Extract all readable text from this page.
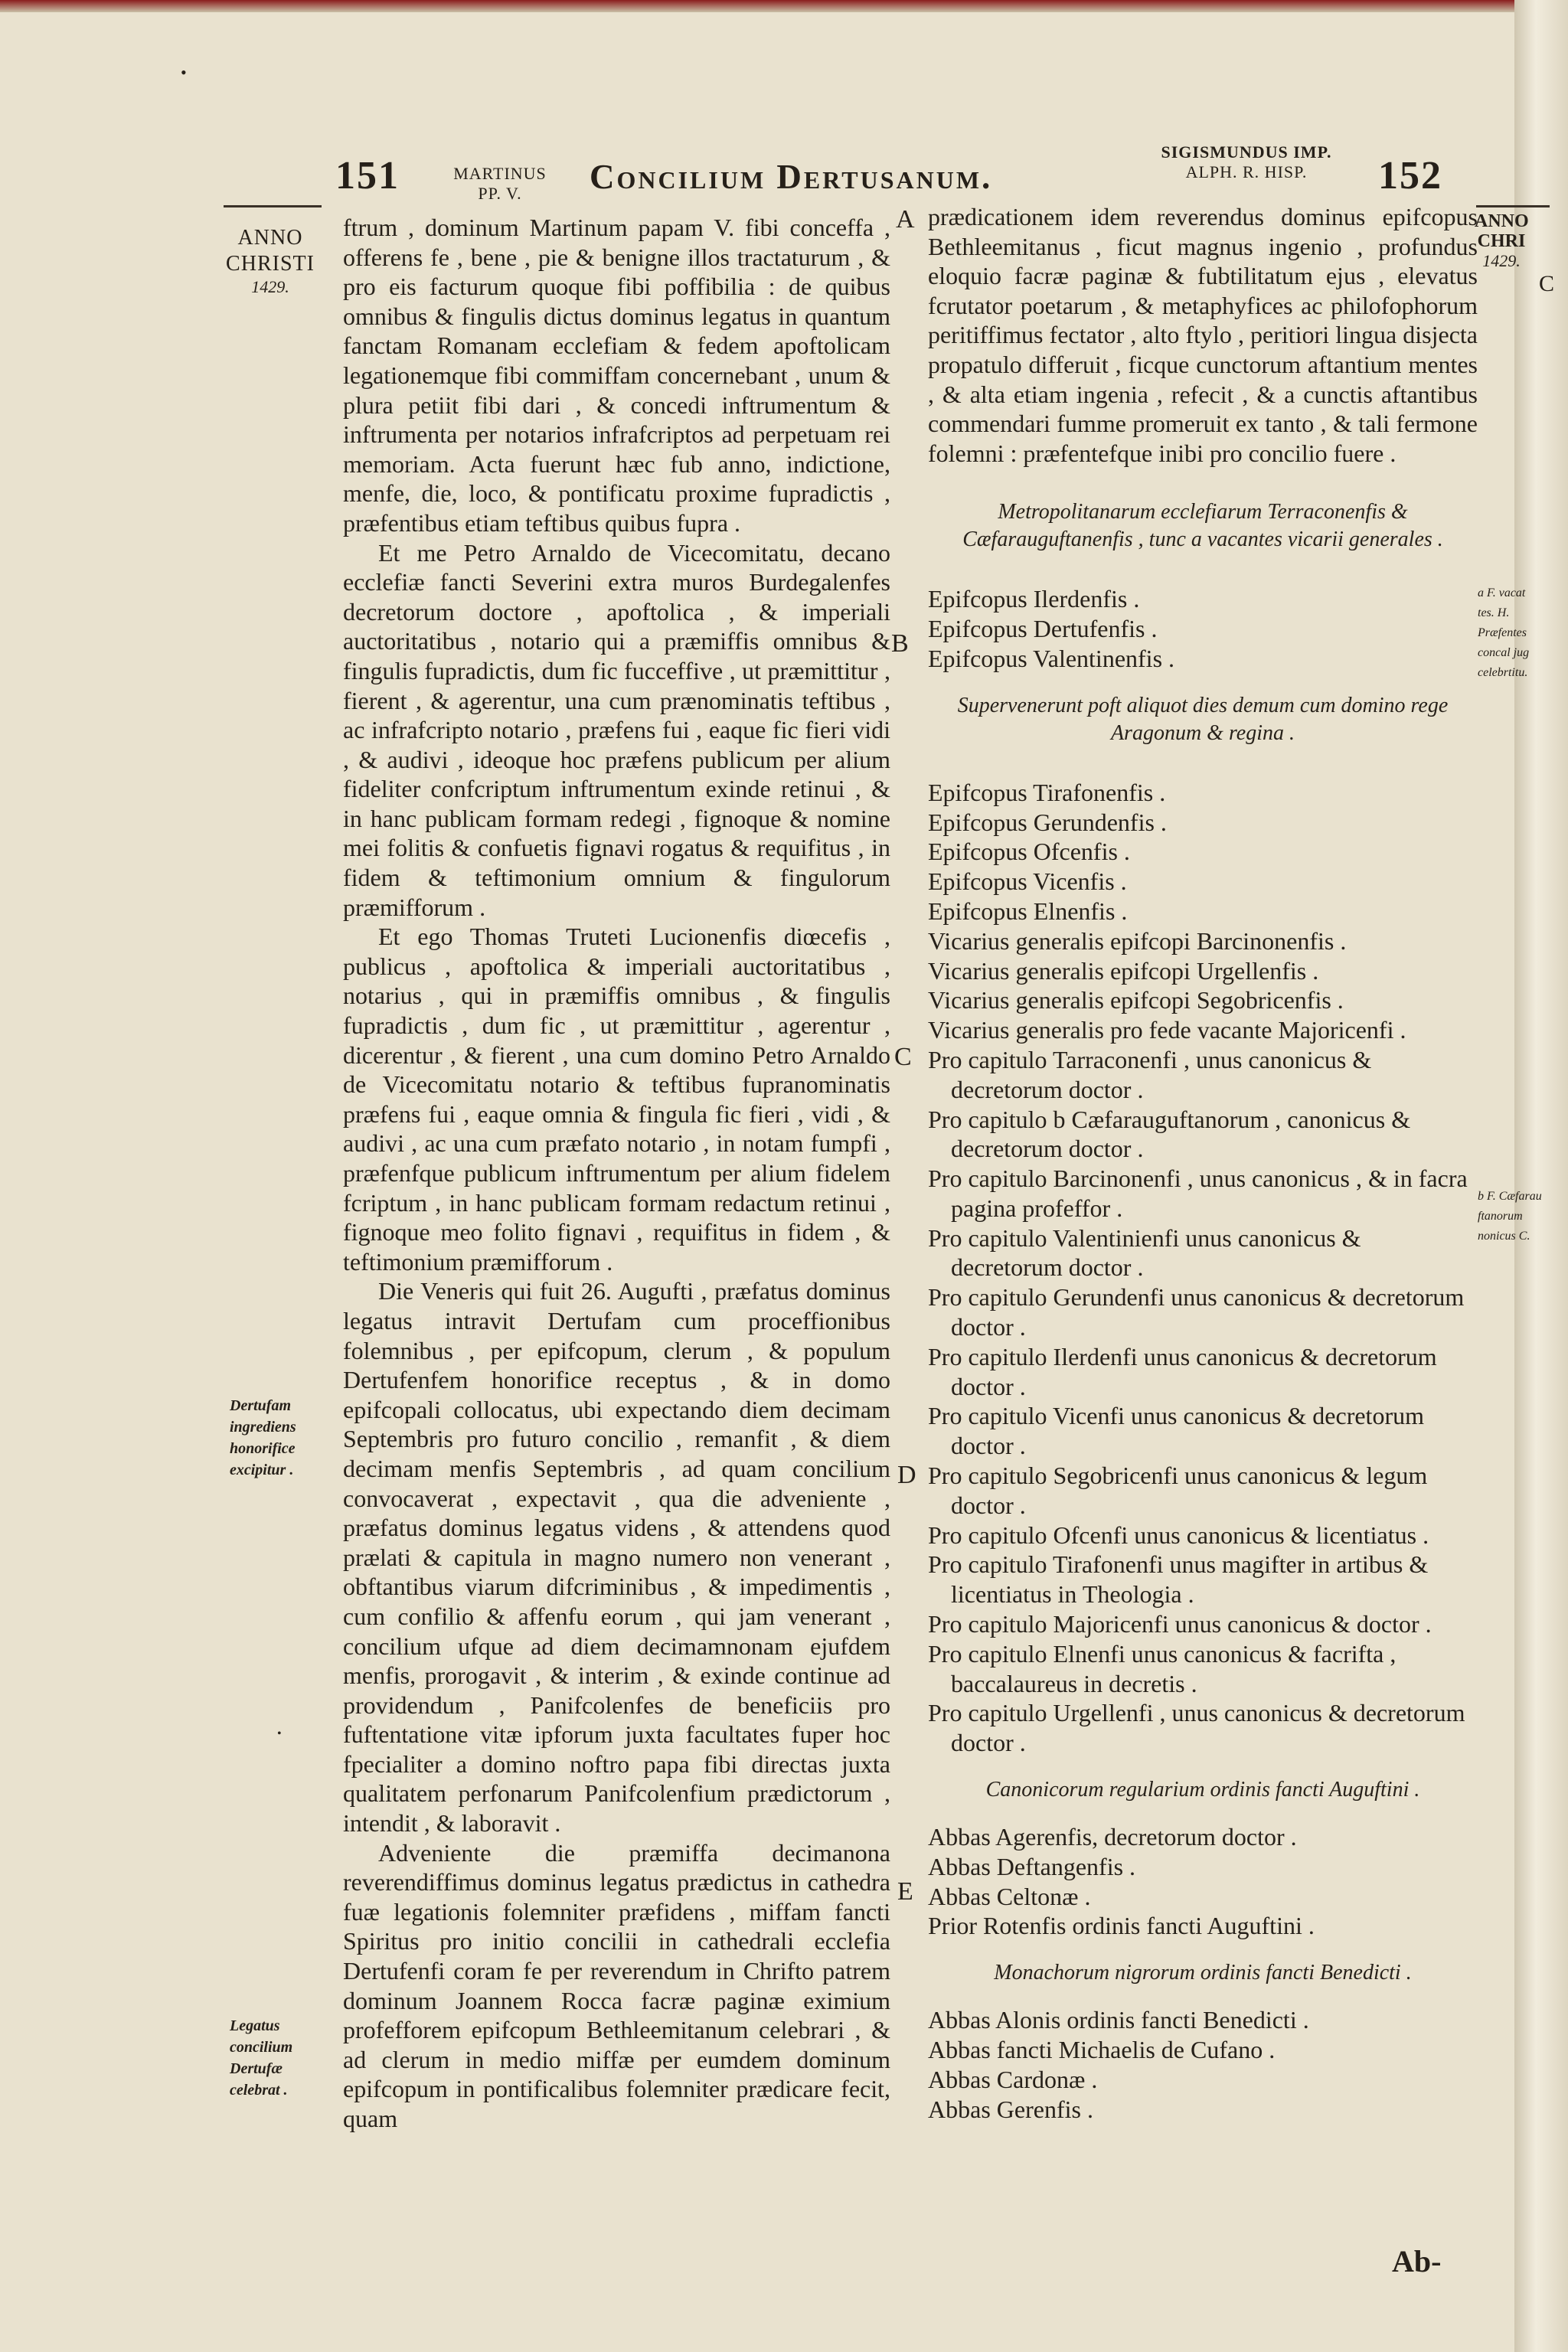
•
•
151	MARTINUS
PP. V.	Concilium Dertusanum.
SIGISMUNDUS IMP.
ALPH. R. HISP.	152
ANNO
CHRISTI
1429.
ANNO
CHRI
1429.

ftrum , dominum Martinum papam V. fibi conceffa , offerens fe , bene , pie & benigne illos tractaturum , & pro eis facturum quoque fibi poffibilia : de quibus omnibus & fingulis dictus dominus legatus in quantum fanctam Romanam ecclefiam & fedem apoftolicam legationemque fibi commiffam concernebant , unum & plura petiit fibi dari , & concedi inftrumentum & inftrumenta per notarios infrafcriptos ad perpetuam rei memoriam. Acta fuerunt hæc fub anno, indictione, menfe, die, loco, & pontificatu proxime fupradictis , præfentibus etiam teftibus quibus fupra .

Et me Petro Arnaldo de Vicecomitatu, decano ecclefiæ fancti Severini extra muros Burdegalenfes decretorum doctore , apoftolica , & imperiali auctoritatibus , notario qui a præmiffis omnibus & fingulis fupradictis, dum fic fucceffive , ut præmittitur , fierent , & agerentur, una cum prænominatis teftibus , ac infrafcripto notario , præfens fui , eaque fic fieri vidi , & audivi , ideoque hoc præfens publicum per alium fideliter confcriptum inftrumentum exinde retinui , & in hanc publicam formam redegi , fignoque & nomine mei folitis & confuetis fignavi rogatus & requifitus , in fidem & teftimonium omnium & fingulorum præmifforum .

Et ego Thomas Truteti Lucionenfis diœcefis , publicus , apoftolica & imperiali auctoritatibus , notarius , qui in præmiffis omnibus , & fingulis fupradictis , dum fic , ut præmittitur , agerentur , dicerentur , & fierent , una cum domino Petro Arnaldo de Vicecomitatu notario & teftibus fupranominatis præfens fui , eaque omnia & fingula fic fieri , vidi , & audivi , ac una cum præfato notario , in notam fumpfi , præfenfque publicum inftrumentum per alium fidelem fcriptum , in hanc publicam formam redactum retinui , fignoque meo folito fignavi , requifitus in fidem , & teftimonium præmifforum .

Die Veneris qui fuit 26. Augufti , præfatus dominus legatus intravit Dertufam cum proceffionibus folemnibus , per epifcopum, clerum , & populum Dertufenfem honorifice receptus , & in domo epifcopali collocatus, ubi expectando diem decimam Septembris pro futuro concilio , remanfit , & diem decimam menfis Septembris , ad quam concilium convocaverat , expectavit , qua die adveniente , præfatus dominus legatus videns , & attendens quod prælati & capitula in magno numero non venerant , obftantibus viarum difcriminibus , & impedimentis , cum confilio & affenfu eorum , qui jam venerant , concilium ufque ad diem decimamnonam ejufdem menfis, prorogavit , & interim , & exinde continue ad providendum , Panifcolenfes de beneficiis pro fuftentatione vitæ ipforum juxta facultates fuper hoc fpecialiter a domino noftro papa fibi directas juxta qualitatem perfonarum Panifcolenfium prædictorum , intendit , & laboravit .

Adveniente die præmiffa decimanona reverendiffimus dominus legatus prædictus in cathedra fuæ legationis folemniter præfidens , miffam fancti Spiritus pro initio concilii in cathedrali ecclefia Dertufenfi coram fe per reverendum in Chrifto patrem dominum Joannem Rocca facræ paginæ eximium profefforem epifcopum Bethleemitanum celebrari , & ad clerum in medio miffæ per eumdem dominum epifcopum in pontificalibus folemniter prædicare fecit, quam

Dertufam ingrediens honorifice excipitur .
Legatus concilium Dertufæ celebrat .
A
B
C
D
E

prædicationem idem reverendus dominus epifcopus Bethleemitanus , ficut magnus ingenio , profundus eloquio facræ paginæ & fubtilitatum ejus , elevatus fcrutator poetarum , & metaphyfices ac philofophorum peritiffimus fectator , alto ftylo , peritiori lingua disjecta propatulo differuit , ficque cunctorum aftantium mentes , & alta etiam ingenia , refecit , & a cunctis aftantibus commendari fumme promeruit ex tanto , & tali fermone folemni : præfentefque inibi pro concilio fuere .

Metropolitanarum ecclefiarum Terraconenfis & Cæfarauguftanenfis , tunc a vacantes vicarii generales .

Epifcopus Ilerdenfis .
Epifcopus Dertufenfis .
Epifcopus Valentinenfis .

Supervenerunt poft aliquot dies demum cum domino rege Aragonum & regina .

Epifcopus Tirafonenfis .
Epifcopus Gerundenfis .
Epifcopus Ofcenfis .
Epifcopus Vicenfis .
Epifcopus Elnenfis .
Vicarius generalis epifcopi Barcinonenfis .
Vicarius generalis epifcopi Urgellenfis .
Vicarius generalis epifcopi Segobricenfis .
Vicarius generalis pro fede vacante Majoricenfi .
Pro capitulo Tarraconenfi , unus canonicus & decretorum doctor .
Pro capitulo b Cæfarauguftanorum , canonicus & decretorum doctor .
Pro capitulo Barcinonenfi , unus canonicus , & in facra pagina profeffor .
Pro capitulo Valentinienfi unus canonicus & decretorum doctor .
Pro capitulo Gerundenfi unus canonicus & decretorum doctor .
Pro capitulo Ilerdenfi unus canonicus & decretorum doctor .
Pro capitulo Vicenfi unus canonicus & decretorum doctor .
Pro capitulo Segobricenfi unus canonicus & legum doctor .
Pro capitulo Ofcenfi unus canonicus & licentiatus .
Pro capitulo Tirafonenfi unus magifter in artibus & licentiatus in Theologia .
Pro capitulo Majoricenfi unus canonicus & doctor .
Pro capitulo Elnenfi unus canonicus & facrifta , baccalaureus in decretis .
Pro capitulo Urgellenfi , unus canonicus & decretorum doctor .

Canonicorum regularium ordinis fancti Auguftini .

Abbas Agerenfis, decretorum doctor .
Abbas Deftangenfis .
Abbas Celtonæ .
Prior Rotenfis ordinis fancti Auguftini .

Monachorum nigrorum ordinis fancti Benedicti .

Abbas Alonis ordinis fancti Benedicti .
Abbas fancti Michaelis de Cufano .
Abbas Cardonæ .
Abbas Gerenfis .
a F. vacat
tes. H.
Præfentes
concal jug
celebrtitu.
b F. Cæfarau
ftanorum
nonicus C.
C
Ab-
